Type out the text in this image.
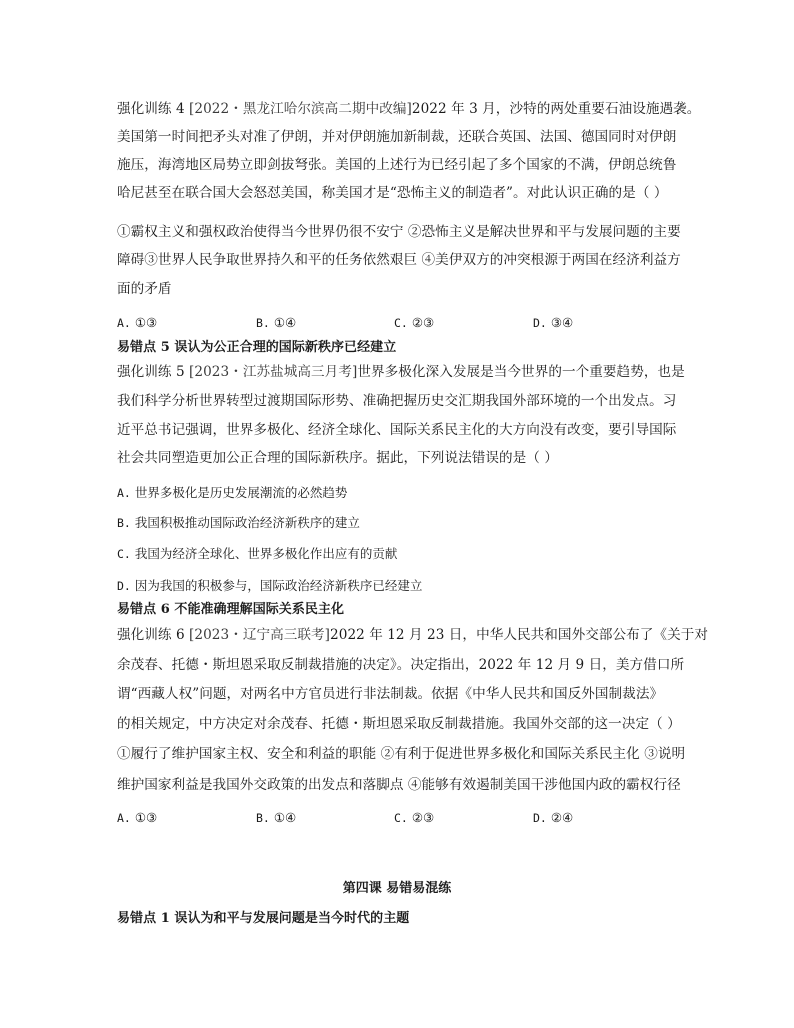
强化训练 4 [2022・黑龙江哈尔滨高二期中改编]2022 年 3 月，沙特的两处重要石油设施遇袭。
美国第一时间把矛头对准了伊朗，并对伊朗施加新制裁，还联合英国、法国、德国同时对伊朗
施压，海湾地区局势立即剑拔弩张。美国的上述行为已经引起了多个国家的不满，伊朗总统鲁
哈尼甚至在联合国大会怒怼美国，称美国才是“恐怖主义的制造者”。对此认识正确的是（ ）
①霸权主义和强权政治使得当今世界仍很不安宁 ②恐怖主义是解决世界和平与发展问题的主要
障碍③世界人民争取世界持久和平的任务依然艰巨 ④美伊双方的冲突根源于两国在经济利益方
面的矛盾
A. ①③	B. ①④	C. ②③	D. ③④
易错点 5 误认为公正合理的国际新秩序已经建立
强化训练 5 [2023・江苏盐城高三月考]世界多极化深入发展是当今世界的一个重要趋势，也是
我们科学分析世界转型过渡期国际形势、准确把握历史交汇期我国外部环境的一个出发点。习
近平总书记强调，世界多极化、经济全球化、国际关系民主化的大方向没有改变，要引导国际
社会共同塑造更加公正合理的国际新秩序。据此，下列说法错误的是（ ）
A. 世界多极化是历史发展潮流的必然趋势
B. 我国积极推动国际政治经济新秩序的建立
C. 我国为经济全球化、世界多极化作出应有的贡献
D. 因为我国的积极参与，国际政治经济新秩序已经建立
易错点 6 不能准确理解国际关系民主化
强化训练 6 [2023・辽宁高三联考]2022 年 12 月 23 日，中华人民共和国外交部公布了《关于对
余茂春、托德・斯坦恩采取反制裁措施的决定》。决定指出，2022 年 12 月 9 日，美方借口所
谓“西藏人权”问题，对两名中方官员进行非法制裁。依据《中华人民共和国反外国制裁法》
的相关规定，中方决定对余茂春、托德・斯坦恩采取反制裁措施。我国外交部的这一决定（ ）
①履行了维护国家主权、安全和利益的职能 ②有利于促进世界多极化和国际关系民主化 ③说明
维护国家利益是我国外交政策的出发点和落脚点 ④能够有效遏制美国干涉他国内政的霸权行径
A. ①③	B. ①④	C. ②③	D. ②④
第四课 易错易混练
易错点 1 误认为和平与发展问题是当今时代的主题
